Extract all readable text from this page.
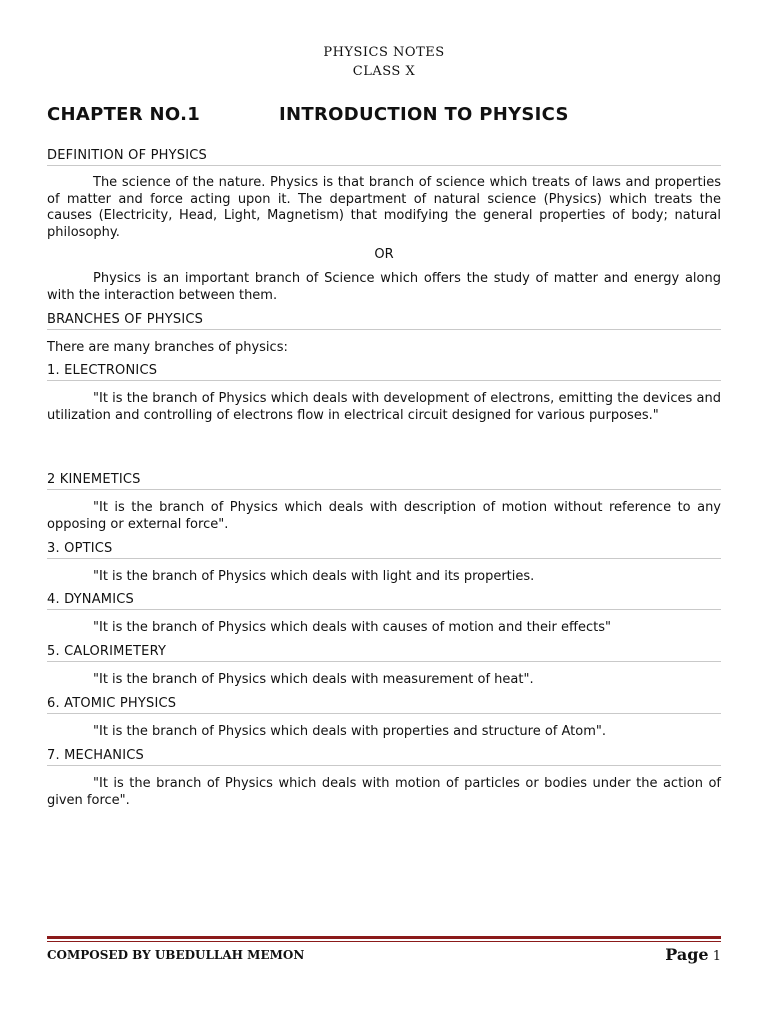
PHYSICS NOTES
CLASS X
CHAPTER NO.1	INTRODUCTION TO PHYSICS
DEFINITION OF PHYSICS
The science of the nature. Physics is that branch of science which treats of laws and properties of matter and force acting upon it. The department of natural science (Physics) which treats the causes (Electricity, Head, Light, Magnetism) that modifying the general properties of body; natural philosophy.
OR
Physics is an important branch of Science which offers the study of matter and energy along with the interaction between them.
BRANCHES OF PHYSICS
There are many branches of physics:
1. ELECTRONICS
"It is the branch of Physics which deals with development of electrons, emitting the devices and utilization and controlling of electrons flow in electrical circuit designed for various purposes."
2 KINEMETICS
"It is the branch of Physics which deals with description of motion without reference to any opposing or external force".
3. OPTICS
"It is the branch of Physics which deals with light and its properties.
4. DYNAMICS
"It is the branch of Physics which deals with causes of motion and their effects"
5. CALORIMETERY
"It is the branch of Physics which deals with measurement of heat".
6. ATOMIC PHYSICS
"It is the branch of Physics which deals with properties and structure of Atom".
7. MECHANICS
"It is the branch of Physics which deals with motion of particles or bodies under the action of given force".
COMPOSED BY UBEDULLAH MEMON	Page 1
